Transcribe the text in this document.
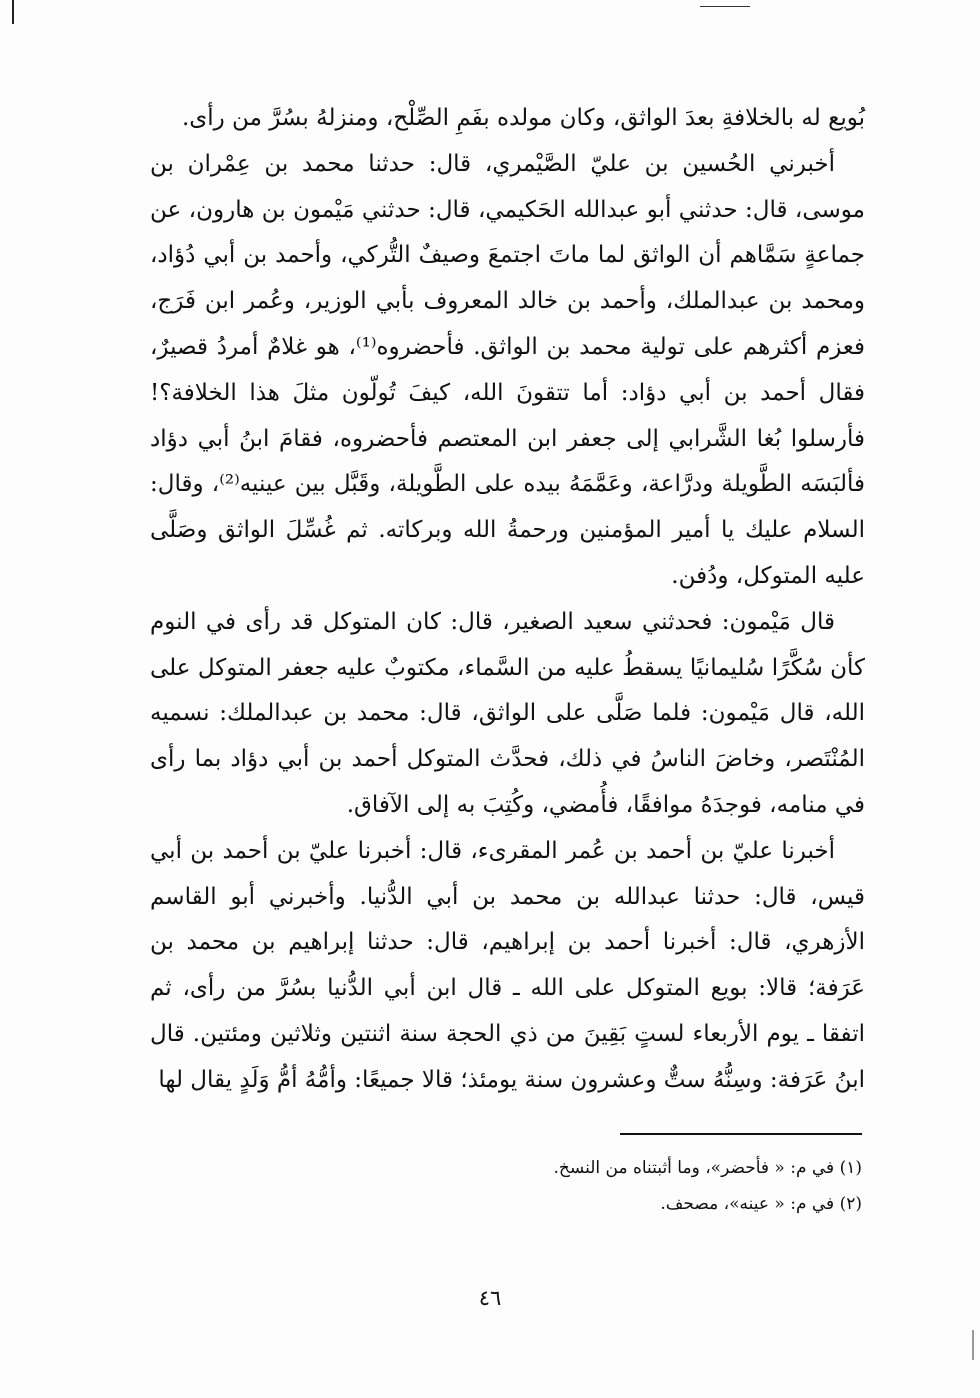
بُويع له بالخلافةِ بعدَ الواثق، وكان مولده بفَمِ الصِّلْح، ومنزلهُ بسُرَّ من رأى.

أخبرني الحُسين بن عليّ الصَّيْمري، قال: حدثنا محمد بن عِمْران بن موسى، قال: حدثني أبو عبدالله الحَكيمي، قال: حدثني مَيْمون بن هارون، عن جماعةٍ سَمَّاهم أن الواثق لما ماتَ اجتمعَ وصيفٌ التُّركي، وأحمد بن أبي دُؤاد، ومحمد بن عبدالملك، وأحمد بن خالد المعروف بأبي الوزير، وعُمر ابن فَرَج، فعزم أكثرهم على تولية محمد بن الواثق. فأحضروه⁽¹⁾، هو غلامٌ أمردُ قصيرٌ، فقال أحمد بن أبي دؤاد: أما تتقونَ الله، كيفَ تُولّون مثلَ هذا الخلافة؟! فأرسلوا بُغا الشَّرابي إلى جعفر ابن المعتصم فأحضروه، فقامَ ابنُ أبي دؤاد فألبَسَه الطَّويلة ودرَّاعة، وعَمَّمَهُ بيده على الطَّويلة، وقَبَّل بين عينيه⁽²⁾، وقال: السلام عليك يا أمير المؤمنين ورحمةُ الله وبركاته. ثم غُسِّلَ الواثق وصَلَّى عليه المتوكل، ودُفن.

قال مَيْمون: فحدثني سعيد الصغير، قال: كان المتوكل قد رأى في النوم كأن سُكَّرًا سُليمانيًا يسقطُ عليه من السَّماء، مكتوبٌ عليه جعفر المتوكل على الله، قال مَيْمون: فلما صَلَّى على الواثق، قال: محمد بن عبدالملك: نسميه المُنْتَصر، وخاضَ الناسُ في ذلك، فحدَّث المتوكل أحمد بن أبي دؤاد بما رأى في منامه، فوجدَهُ موافقًا، فأُمضي، وكُتِبَ به إلى الآفاق.

أخبرنا عليّ بن أحمد بن عُمر المقرىء، قال: أخبرنا عليّ بن أحمد بن أبي قيس، قال: حدثنا عبدالله بن محمد بن أبي الدُّنيا. وأخبرني أبو القاسم الأزهري، قال: أخبرنا أحمد بن إبراهيم، قال: حدثنا إبراهيم بن محمد بن عَرَفة؛ قالا: بويع المتوكل على الله ـ قال ابن أبي الدُّنيا بسُرَّ من رأى، ثم اتفقا ـ يوم الأربعاء لستٍ بَقِينَ من ذي الحجة سنة اثنتين وثلاثين ومئتين. قال ابنُ عَرَفة: وسِنُّهُ ستٌّ وعشرون سنة يومئذ؛ قالا جميعًا: وأمُّهُ أمُّ وَلَدٍ يقال لها

(١) في م: « فأحضر»، وما أثبتناه من النسخ.
(٢) في م: « عينه»، مصحف.
٤٦
